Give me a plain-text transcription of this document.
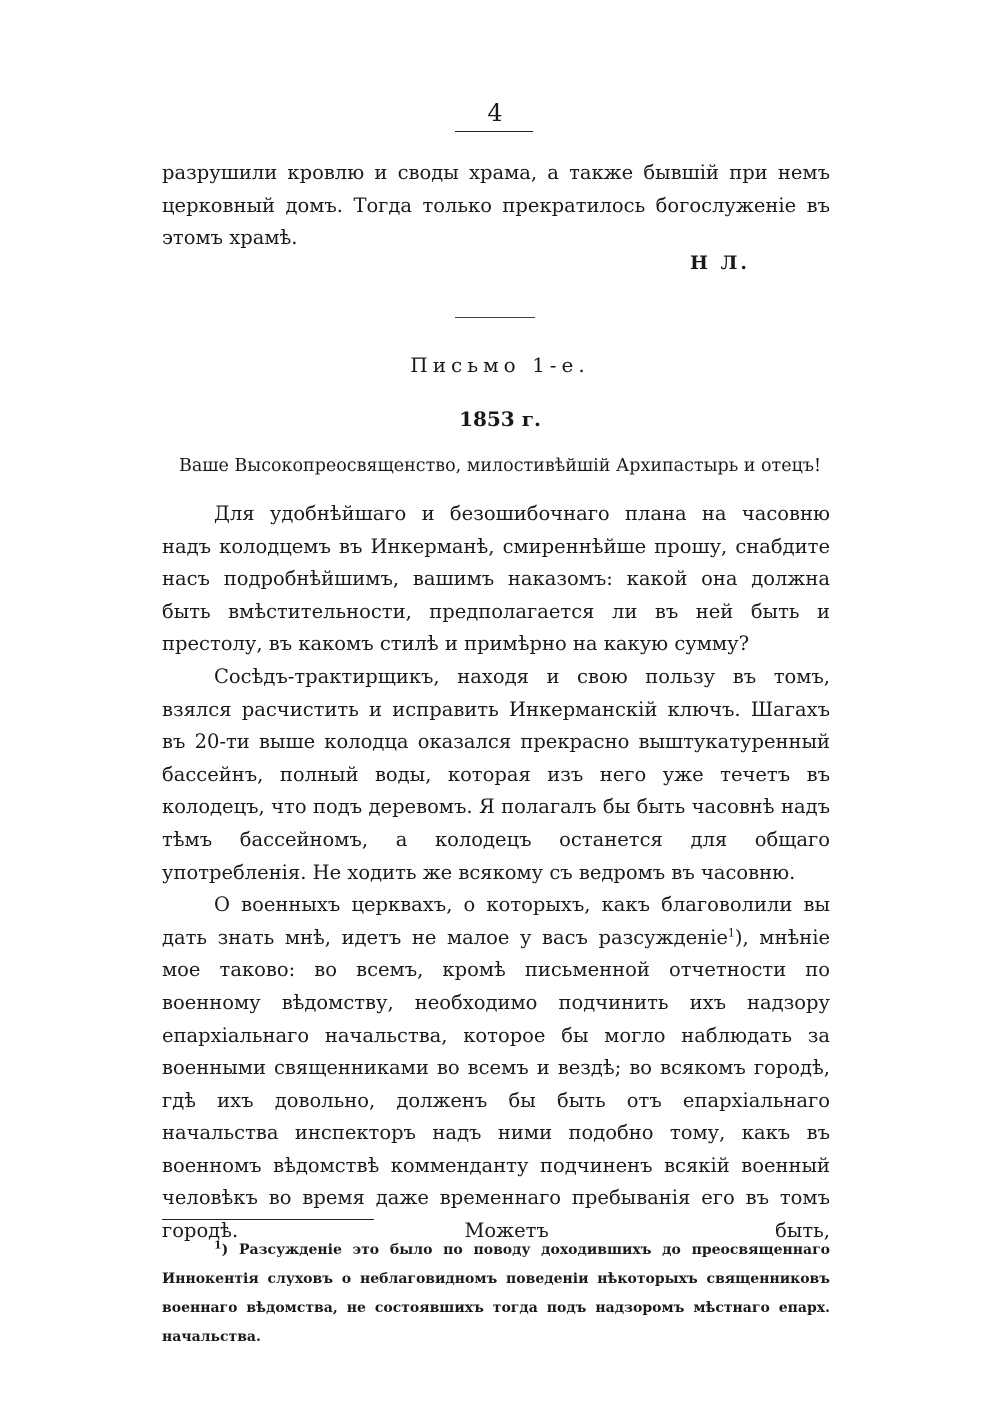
4

разрушили кровлю и своды храма, а также бывшій при немъ церковный домъ. Тогда только прекратилось богослуженіе въ этомъ храмѣ.

Н Л.
Письмо 1-е.
1853 г.
Ваше Высокопреосвященство, милостивѣйшій Архипастырь и отецъ!

Для удобнѣйшаго и безошибочнаго плана на часовню надъ колодцемъ въ Инкерманѣ, смиреннѣйше прошу, снабдите насъ подробнѣйшимъ, вашимъ наказомъ: какой она должна быть вмѣстительности, предполагается ли въ ней быть и престолу, въ какомъ стилѣ и примѣрно на какую сумму?

Сосѣдъ-трактирщикъ, находя и свою пользу въ томъ, взялся расчистить и исправить Инкерманскій ключъ. Шагахъ въ 20-ти выше колодца оказался прекрасно выштукатуренный бассейнъ, полный воды, которая изъ него уже течетъ въ колодецъ, что подъ деревомъ. Я полагалъ бы быть часовнѣ надъ тѣмъ бассейномъ, а колодецъ останется для общаго употребленія. Не ходить же всякому съ ведромъ въ часовню.

О военныхъ церквахъ, о которыхъ, какъ благоволили вы дать знать мнѣ, идетъ не малое у васъ разсужденіе$^1$), мнѣніе мое таково: во всемъ, кромѣ письменной отчетности по военному вѣдомству, необходимо подчинить ихъ надзору епархіальнаго начальства, которое бы могло наблюдать за военными священниками во всемъ и вездѣ; во всякомъ городѣ, гдѣ ихъ довольно, долженъ бы быть отъ епархіальнаго начальства инспекторъ надъ ними подобно тому, какъ въ военномъ вѣдомствѣ комменданту подчиненъ всякій военный человѣкъ во время даже временнаго пребыванія его въ томъ городѣ. Можетъ быть,

$^1$) Разсужденіе это было по поводу доходившихъ до преосвященнаго Иннокентія слуховъ о неблаговидномъ поведеніи нѣкоторыхъ священниковъ военнаго вѣдомства, не состоявшихъ тогда подъ надзоромъ мѣстнаго епарх. начальства.
